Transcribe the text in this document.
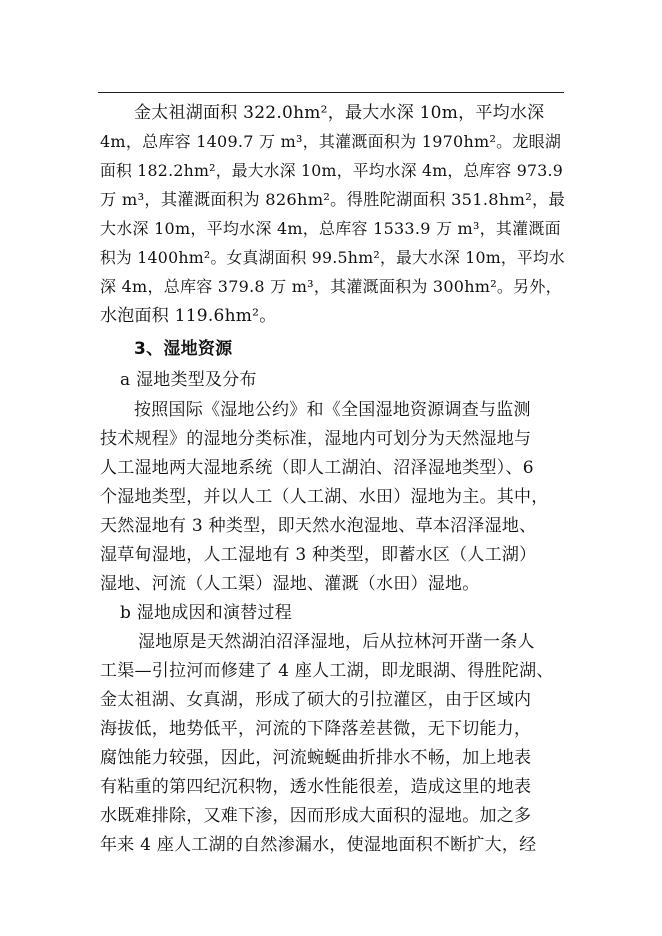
金太祖湖面积 322.0hm²，最大水深 10m，平均水深
4m，总库容 1409.7 万 m³，其灌溉面积为 1970hm²。龙眼湖
面积 182.2hm²，最大水深 10m，平均水深 4m，总库容 973.9
万 m³，其灌溉面积为 826hm²。得胜陀湖面积 351.8hm²，最
大水深 10m，平均水深 4m，总库容 1533.9 万 m³，其灌溉面
积为 1400hm²。女真湖面积 99.5hm²，最大水深 10m，平均水
深 4m，总库容 379.8 万 m³，其灌溉面积为 300hm²。另外，
水泡面积 119.6hm²。
3、湿地资源
a 湿地类型及分布
按照国际《湿地公约》和《全国湿地资源调查与监测
技术规程》的湿地分类标准，湿地内可划分为天然湿地与
人工湿地两大湿地系统（即人工湖泊、沼泽湿地类型）、6
个湿地类型，并以人工（人工湖、水田）湿地为主。其中，
天然湿地有 3 种类型，即天然水泡湿地、草本沼泽湿地、
湿草甸湿地，人工湿地有 3 种类型，即蓄水区（人工湖）
湿地、河流（人工渠）湿地、灌溉（水田）湿地。
b 湿地成因和演替过程
湿地原是天然湖泊沼泽湿地，后从拉林河开凿一条人
工渠—引拉河而修建了 4 座人工湖，即龙眼湖、得胜陀湖、
金太祖湖、女真湖，形成了硕大的引拉灌区，由于区域内
海拔低，地势低平，河流的下降落差甚微，无下切能力，
腐蚀能力较强，因此，河流蜿蜒曲折排水不畅，加上地表
有粘重的第四纪沉积物，透水性能很差，造成这里的地表
水既难排除，又难下渗，因而形成大面积的湿地。加之多
年来 4 座人工湖的自然渗漏水，使湿地面积不断扩大，经
